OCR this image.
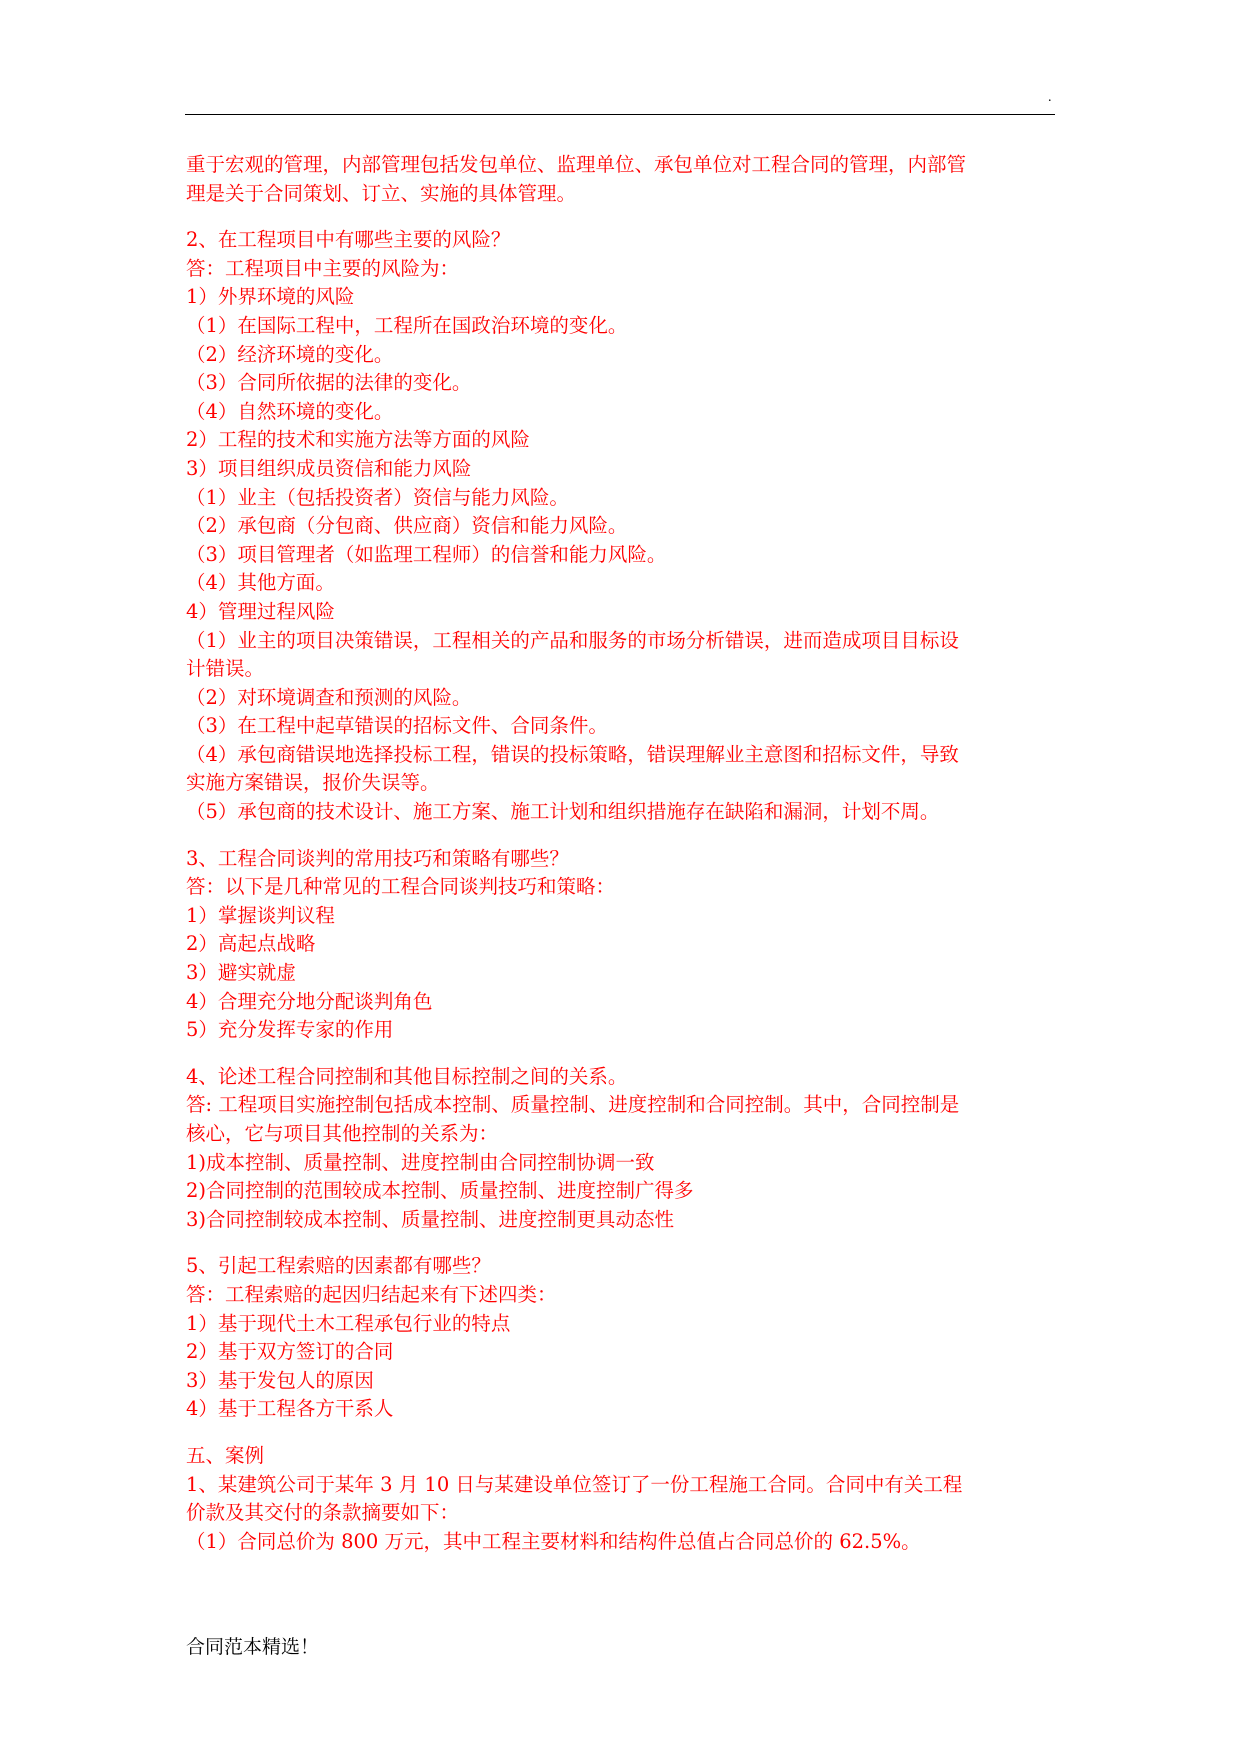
.
重于宏观的管理，内部管理包括发包单位、监理单位、承包单位对工程合同的管理，内部管
理是关于合同策划、订立、实施的具体管理。
2、在工程项目中有哪些主要的风险？
答：工程项目中主要的风险为：
1）外界环境的风险
（1）在国际工程中，工程所在国政治环境的变化。
（2）经济环境的变化。
（3）合同所依据的法律的变化。
（4）自然环境的变化。
2）工程的技术和实施方法等方面的风险
3）项目组织成员资信和能力风险
（1）业主（包括投资者）资信与能力风险。
（2）承包商（分包商、供应商）资信和能力风险。
（3）项目管理者（如监理工程师）的信誉和能力风险。
（4）其他方面。
4）管理过程风险
（1）业主的项目决策错误，工程相关的产品和服务的市场分析错误，进而造成项目目标设
计错误。
（2）对环境调查和预测的风险。
（3）在工程中起草错误的招标文件、合同条件。
（4）承包商错误地选择投标工程，错误的投标策略，错误理解业主意图和招标文件，导致
实施方案错误，报价失误等。
（5）承包商的技术设计、施工方案、施工计划和组织措施存在缺陷和漏洞，计划不周。
3、工程合同谈判的常用技巧和策略有哪些？
答：以下是几种常见的工程合同谈判技巧和策略：
1）掌握谈判议程
2）高起点战略
3）避实就虚
4）合理充分地分配谈判角色
5）充分发挥专家的作用
4、论述工程合同控制和其他目标控制之间的关系。
答: 工程项目实施控制包括成本控制、质量控制、进度控制和合同控制。其中，合同控制是
核心，它与项目其他控制的关系为：
1)成本控制、质量控制、进度控制由合同控制协调一致
2)合同控制的范围较成本控制、质量控制、进度控制广得多
3)合同控制较成本控制、质量控制、进度控制更具动态性
5、引起工程索赔的因素都有哪些？
答：工程索赔的起因归结起来有下述四类：
1）基于现代土木工程承包行业的特点
2）基于双方签订的合同
3）基于发包人的原因
4）基于工程各方干系人
五、案例
1、某建筑公司于某年 3 月 10 日与某建设单位签订了一份工程施工合同。合同中有关工程
价款及其交付的条款摘要如下：
（1）合同总价为 800 万元，其中工程主要材料和结构件总值占合同总价的 62.5%。
合同范本精选！
